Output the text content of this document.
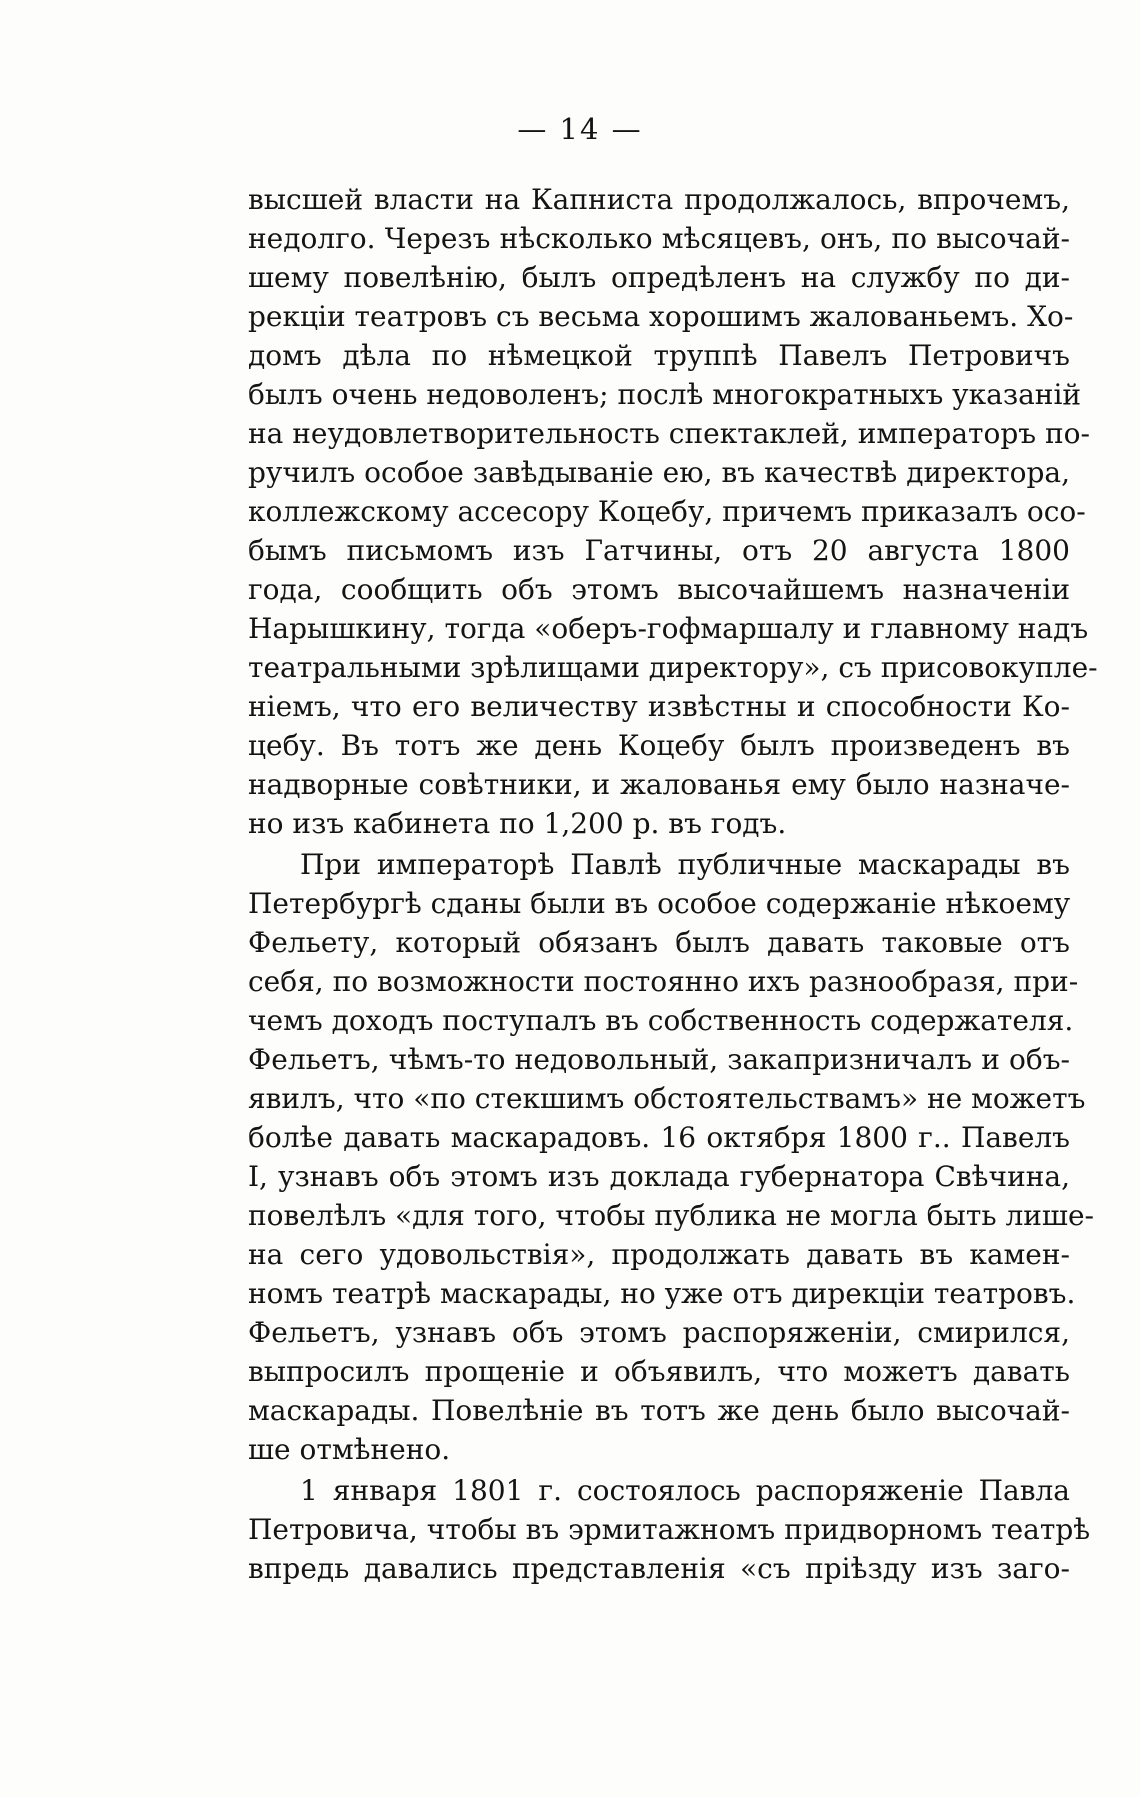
— 14 —
высшей власти на Капниста продолжалось, впрочемъ,
недолго. Черезъ нѣсколько мѣсяцевъ, онъ, по высочай-
шему повелѣнію, былъ опредѣленъ на службу по ди-
рекціи театровъ съ весьма хорошимъ жалованьемъ. Хо-
домъ дѣла по нѣмецкой труппѣ Павелъ Петровичъ
былъ очень недоволенъ; послѣ многократныхъ указаній
на неудовлетворительность спектаклей, императоръ по-
ручилъ особое завѣдываніе ею, въ качествѣ директора,
коллежскому ассесору Коцебу, причемъ приказалъ осо-
бымъ письмомъ изъ Гатчины, отъ 20 августа 1800
года, сообщить объ этомъ высочайшемъ назначеніи
Нарышкину, тогда «оберъ-гофмаршалу и главному надъ
театральными зрѣлищами директору», съ присовокупле-
ніемъ, что его величеству извѣстны и способности Ко-
цебу. Въ тотъ же день Коцебу былъ произведенъ въ
надворные совѣтники, и жалованья ему было назначе-
но изъ кабинета по 1,200 р. въ годъ.
При императорѣ Павлѣ публичные маскарады въ
Петербургѣ сданы были въ особое содержаніе нѣкоему
Фельету, который обязанъ былъ давать таковые отъ
себя, по возможности постоянно ихъ разнообразя, при-
чемъ доходъ поступалъ въ собственность содержателя.
Фельетъ, чѣмъ-то недовольный, закапризничалъ и объ-
явилъ, что «по стекшимъ обстоятельствамъ» не можетъ
болѣе давать маскарадовъ. 16 октября 1800 г.. Павелъ
I, узнавъ объ этомъ изъ доклада губернатора Свѣчина,
повелѣлъ «для того, чтобы публика не могла быть лише-
на сего удовольствія», продолжать давать въ камен-
номъ театрѣ маскарады, но уже отъ дирекціи театровъ.
Фельетъ, узнавъ объ этомъ распоряженіи, смирился,
выпросилъ прощеніе и объявилъ, что можетъ давать
маскарады. Повелѣніе въ тотъ же день было высочай-
ше отмѣнено.
1 января 1801 г. состоялось распоряженіе Павла
Петровича, чтобы въ эрмитажномъ придворномъ театрѣ
впредь давались представленія «съ пріѣзду изъ заго-
